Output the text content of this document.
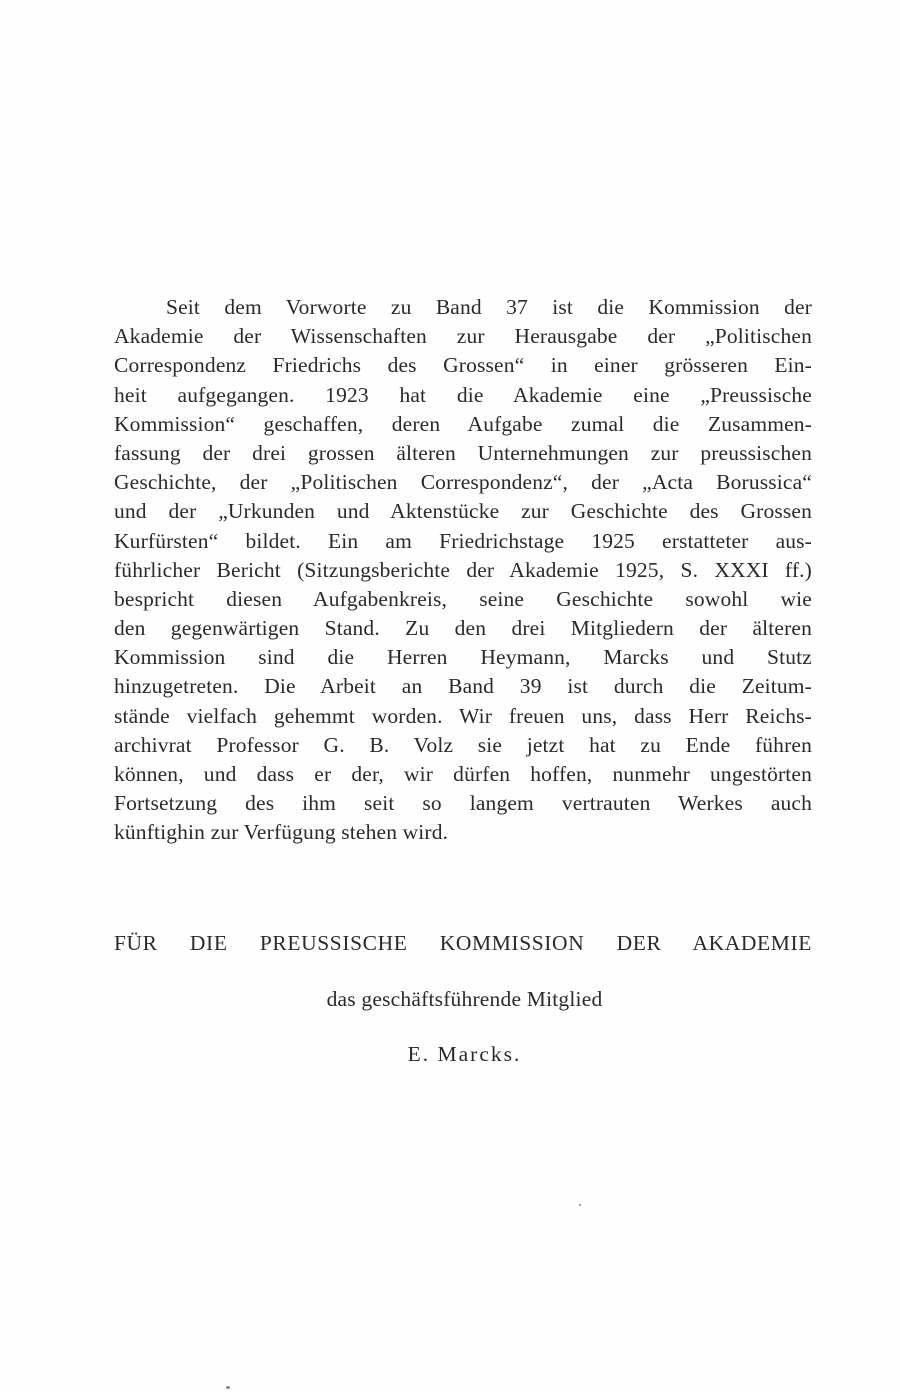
Seit dem Vorworte zu Band 37 ist die Kommission der
Akademie der Wissenschaften zur Herausgabe der „Politischen
Correspondenz Friedrichs des Grossen“ in einer grösseren Ein-
heit aufgegangen. 1923 hat die Akademie eine „Preussische
Kommission“ geschaffen, deren Aufgabe zumal die Zusammen-
fassung der drei grossen älteren Unternehmungen zur preussischen
Geschichte, der „Politischen Correspondenz“, der „Acta Borussica“
und der „Urkunden und Aktenstücke zur Geschichte des Grossen
Kurfürsten“ bildet. Ein am Friedrichstage 1925 erstatteter aus-
führlicher Bericht (Sitzungsberichte der Akademie 1925, S. XXXI ff.)
bespricht diesen Aufgabenkreis, seine Geschichte sowohl wie
den gegenwärtigen Stand. Zu den drei Mitgliedern der älteren
Kommission sind die Herren Heymann, Marcks und Stutz
hinzugetreten. Die Arbeit an Band 39 ist durch die Zeitum-
stände vielfach gehemmt worden. Wir freuen uns, dass Herr Reichs-
archivrat Professor G. B. Volz sie jetzt hat zu Ende führen
können, und dass er der, wir dürfen hoffen, nunmehr ungestörten
Fortsetzung des ihm seit so langem vertrauten Werkes auch
künftighin zur Verfügung stehen wird.
FÜR DIE PREUSSISCHE KOMMISSION DER AKADEMIE
das geschäftsführende Mitglied
E. Marcks.
